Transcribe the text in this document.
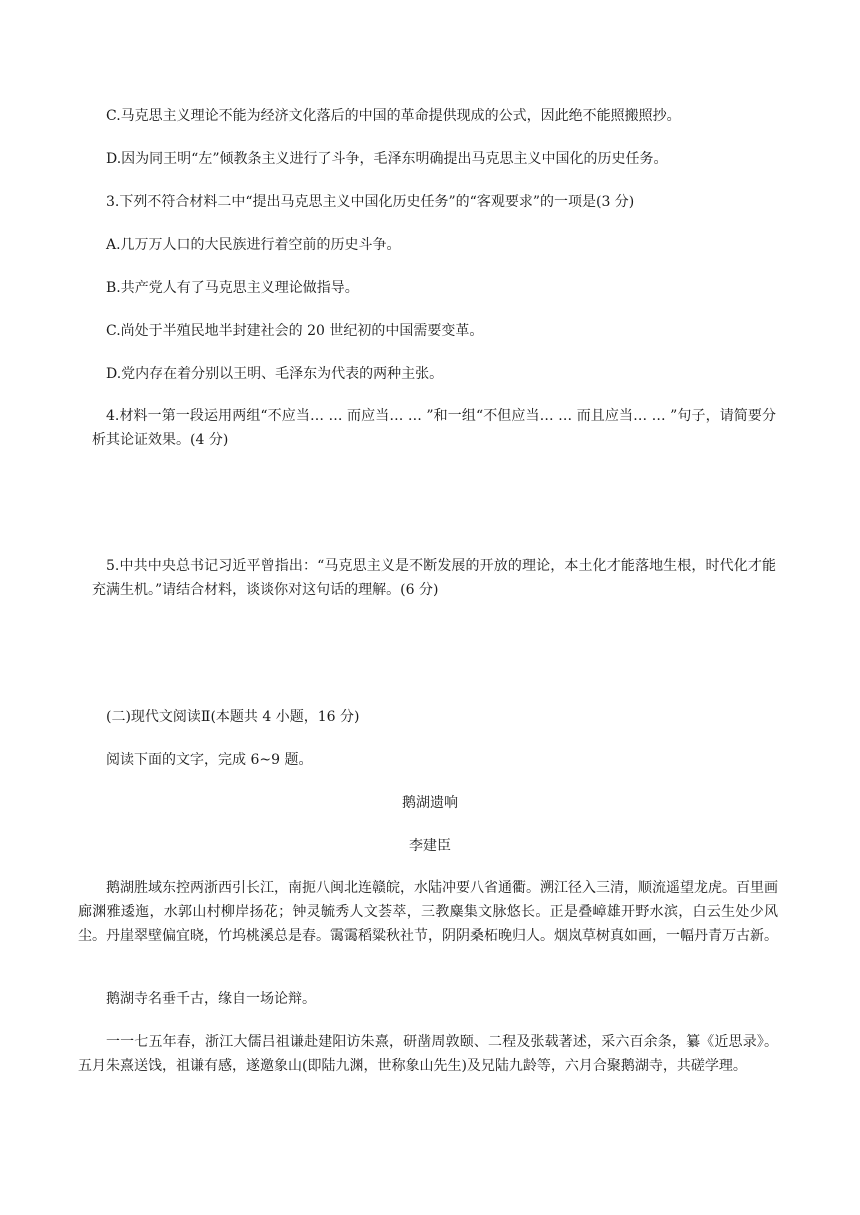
C.马克思主义理论不能为经济文化落后的中国的革命提供现成的公式，因此绝不能照搬照抄。
D.因为同王明“左”倾教条主义进行了斗争，毛泽东明确提出马克思主义中国化的历史任务。
3.下列不符合材料二中“提出马克思主义中国化历史任务”的“客观要求”的一项是(3 分)
A.几万万人口的大民族进行着空前的历史斗争。
B.共产党人有了马克思主义理论做指导。
C.尚处于半殖民地半封建社会的 20 世纪初的中国需要变革。
D.党内存在着分别以王明、毛泽东为代表的两种主张。
4.材料一第一段运用两组“不应当… … 而应当… … ”和一组“不但应当… … 而且应当… … ”句子，请简要分析其论证效果。(4 分)
5.中共中央总书记习近平曾指出：“马克思主义是不断发展的开放的理论，本土化才能落地生根，时代化才能充满生机。”请结合材料，谈谈你对这句话的理解。(6 分)
(二)现代文阅读Ⅱ(本题共 4 小题，16 分)
阅读下面的文字，完成 6~9 题。
鹅湖遗响
李建臣
鹅湖胜域东控两浙西引长江，南扼八闽北连赣皖，水陆冲要八省通衢。溯江径入三清，顺流遥望龙虎。百里画廊渊雅逶迤，水郭山村柳岸扬花；钟灵毓秀人文荟萃，三教麋集文脉悠长。正是叠嶂雄开野水滨，白云生处少风尘。丹崖翠壁偏宜晓，竹坞桃溪总是春。霭霭稻粱秋社节，阴阴桑柘晚归人。烟岚草树真如画，一幅丹青万古新。
鹅湖寺名垂千古，缘自一场论辩。
一一七五年春，浙江大儒吕祖谦赴建阳访朱熹，研凿周敦颐、二程及张载著述，采六百余条，纂《近思录》。五月朱熹送饯，祖谦有感，遂邀象山(即陆九渊，世称象山先生)及兄陆九龄等，六月合聚鹅湖寺，共磋学理。
